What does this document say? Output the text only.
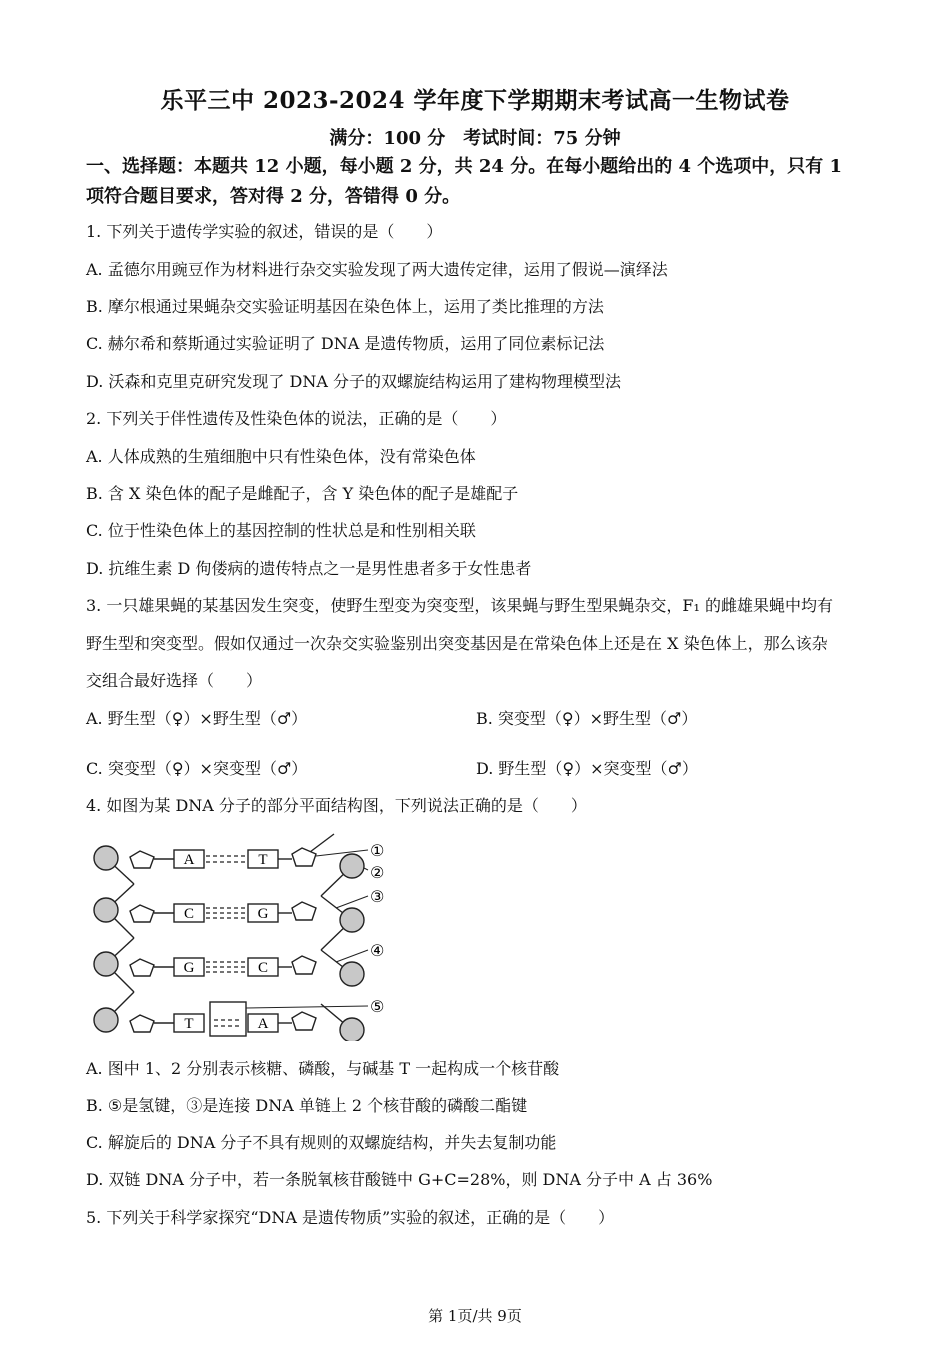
乐平三中 2023-2024 学年度下学期期末考试高一生物试卷
满分：100 分　考试时间：75 分钟
一、选择题：本题共 12 小题，每小题 2 分，共 24 分。在每小题给出的 4 个选项中，只有 1
项符合题目要求，答对得 2 分，答错得 0 分。
1. 下列关于遗传学实验的叙述，错误的是（　　）
A. 孟德尔用豌豆作为材料进行杂交实验发现了两大遗传定律，运用了假说—演绎法
B. 摩尔根通过果蝇杂交实验证明基因在染色体上，运用了类比推理的方法
C. 赫尔希和蔡斯通过实验证明了 DNA 是遗传物质，运用了同位素标记法
D. 沃森和克里克研究发现了 DNA 分子的双螺旋结构运用了建构物理模型法
2. 下列关于伴性遗传及性染色体的说法，正确的是（　　）
A. 人体成熟的生殖细胞中只有性染色体，没有常染色体
B. 含 X 染色体的配子是雌配子，含 Y 染色体的配子是雄配子
C. 位于性染色体上的基因控制的性状总是和性别相关联
D. 抗维生素 D 佝偻病的遗传特点之一是男性患者多于女性患者
3. 一只雄果蝇的某基因发生突变，使野生型变为突变型，该果蝇与野生型果蝇杂交，F₁ 的雌雄果蝇中均有
野生型和突变型。假如仅通过一次杂交实验鉴别出突变基因是在常染色体上还是在 X 染色体上，那么该杂
交组合最好选择（　　）
A. 野生型（♀）×野生型（♂）	B. 突变型（♀）×野生型（♂）
C. 突变型（♀）×突变型（♂）	D. 野生型（♀）×突变型（♂）
4. 如图为某 DNA 分子的部分平面结构图，下列说法正确的是（　　）
A
C
G
T
T
G
C
A
①
②
③
④
⑤
A. 图中 1、2 分别表示核糖、磷酸，与碱基 T 一起构成一个核苷酸
B. ⑤是氢键，③是连接 DNA 单链上 2 个核苷酸的磷酸二酯键
C. 解旋后的 DNA 分子不具有规则的双螺旋结构，并失去复制功能
D. 双链 DNA 分子中，若一条脱氧核苷酸链中 G+C=28%，则 DNA 分子中 A 占 36%
5. 下列关于科学家探究“DNA 是遗传物质”实验的叙述，正确的是（　　）
第 1页/共 9页
